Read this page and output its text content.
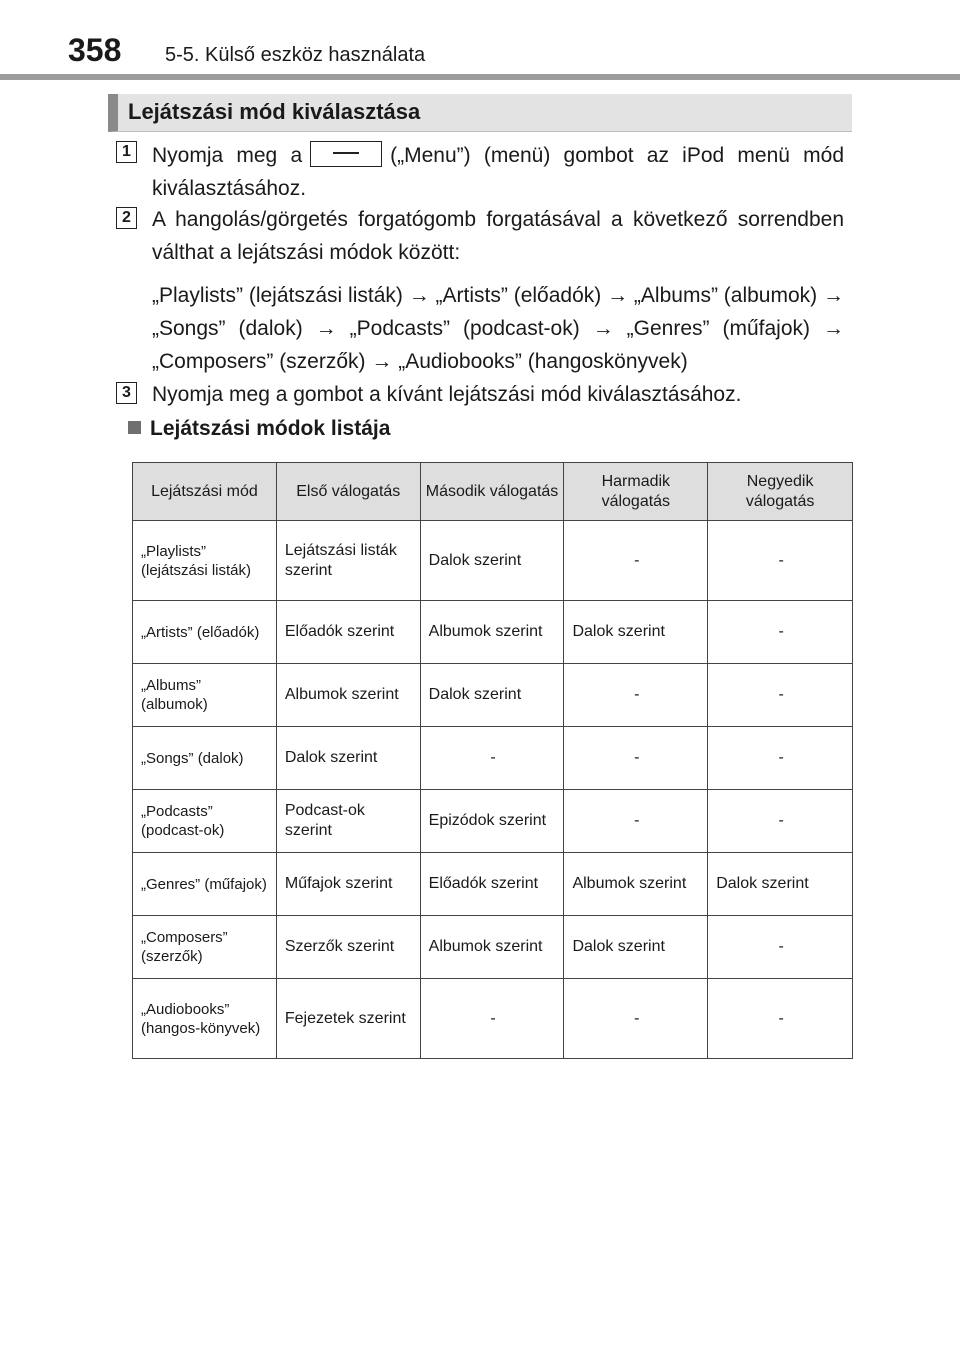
358 5-5. Külső eszköz használata
Lejátszási mód kiválasztása
1 Nyomja meg a	(„Menu”) (menü) gombot az iPod menü mód kiválasztásához.

2 A hangolás/görgetés forgatógomb forgatásával a következő sorrendben válthat a lejátszási módok között:

„Playlists” (lejátszási listák) → „Artists” (előadók) → „Albums” (albumok) → „Songs” (dalok) → „Podcasts” (podcast-ok) → „Genres” (műfajok) → „Composers” (szerzők) → „Audiobooks” (hangoskönyvek)

3 Nyomja meg a gombot a kívánt lejátszási mód kiválasztásához.

Lejátszási módok listája
Lejátszási mód	Első válogatás	Második válogatás	Harmadik válogatás	Negyedik válogatás
„Playlists” (lejátszási listák)	Lejátszási listák szerint	Dalok szerint	-	-
„Artists” (előadók)	Előadók szerint	Albumok szerint	Dalok szerint	-
„Albums” (albumok)	Albumok szerint	Dalok szerint	-	-
„Songs” (dalok)	Dalok szerint	-	-	-
„Podcasts” (podcast-ok)	Podcast-ok szerint	Epizódok szerint	-	-
„Genres” (műfajok)	Műfajok szerint	Előadók szerint	Albumok szerint	Dalok szerint
„Composers” (szerzők)	Szerzők szerint	Albumok szerint	Dalok szerint	-
„Audiobooks” (hangos-könyvek)	Fejezetek szerint	-	-	-
